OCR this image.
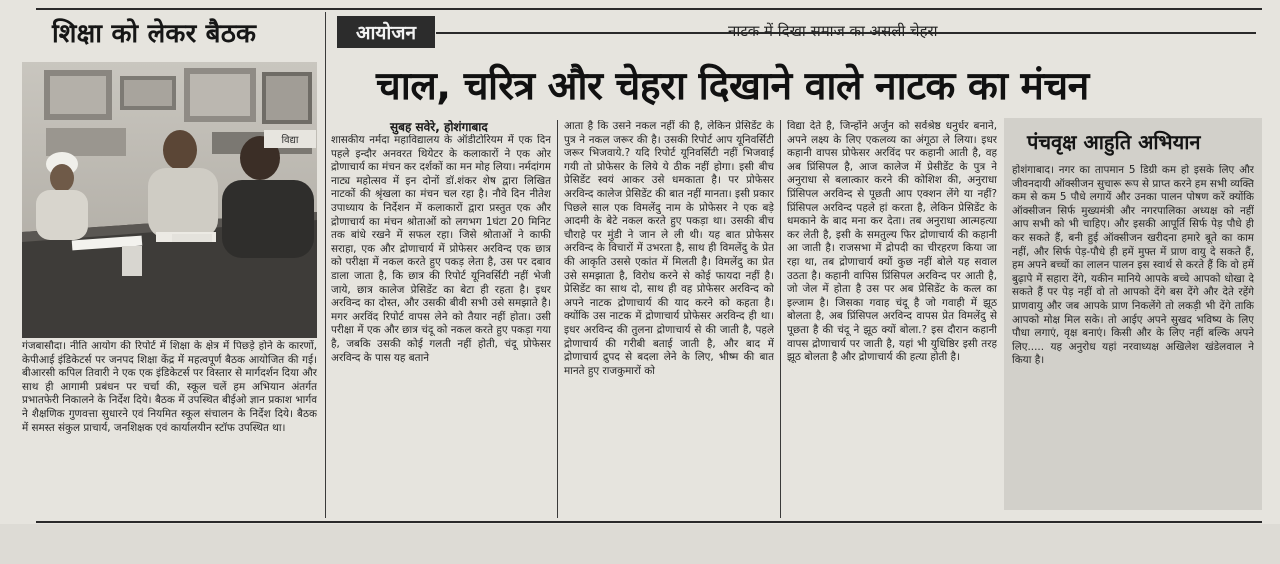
शिक्षा को लेकर बैठक
विद्या
गंजबासौदा। नीति आयोग की रिपोर्ट में शिक्षा के क्षेत्र में पिछड़े होने के कारणों, केपीआई इंडिकेटर्स पर जनपद शिक्षा केंद्र में महत्वपूर्ण बैठक आयोजित की गई। बीआरसी कपिल तिवारी ने एक एक इंडिकेटर्स पर विस्तार से मार्गदर्शन दिया और साथ ही आगामी प्रबंधन पर चर्चा की, स्कूल चलें हम अभियान अंतर्गत प्रभातफेरी निकालने के निर्देश दिये। बैठक में उपस्थित बीईओ ज्ञान प्रकाश भार्गव ने शैक्षणिक गुणवत्ता सुधारने एवं नियमित स्कूल संचालन के निर्देश दिये। बैठक में समस्त संकुल प्राचार्य, जनशिक्षक एवं कार्यालयीन स्टॉफ उपस्थित था।
आयोजन	नाटक में दिखा समाज का असली चेहरा
चाल, चरित्र और चेहरा दिखाने वाले नाटक का मंचन
सुबह सवेरे, होशंगाबाद
शासकीय नर्मदा महाविद्यालय के ऑडीटोरियम में एक दिन पहले इन्दौर अनवरत थियेटर के कलाकारों ने एक ओर द्रोणाचार्य का मंचन कर दर्शकों का मन मोह लिया। नर्मदांगम नाट्य महोत्सव में इन दोनों डॉ.शंकर शेष द्वारा लिखित नाटकों की श्रृंखला का मंचन चल रहा है। नौवे दिन नीतेश उपाध्याय के निर्देशन में कलाकारों द्वारा प्रस्तुत एक और द्रोणाचार्य का मंचन श्रोताओं को लगभग 1घंटा 20 मिनिट तक बांधे रखने में सफल रहा। जिसे श्रोताओं ने काफी सराहा, एक और द्रोणाचार्य में प्रोफेसर अरविन्द एक छात्र को परीक्षा में नकल करते हुए पकड़ लेता है, उस पर दबाव डाला जाता है, कि छात्र की रिपोर्ट यूनिवर्सिटी नहीं भेजी जाये, छात्र कालेज प्रेसिडेंट का बेटा ही रहता है। इधर अरविन्द का दोस्त, और उसकी बीवी सभी उसे समझाते है। मगर अरविंद रिपोर्ट वापस लेने को तैयार नहीं होता। उसी परीक्षा में एक और छात्र चंदू को नकल करते हुए पकड़ा गया है, जबकि उसकी कोई गलती नहीं होती, चंदू प्रोफेसर अरविन्द के पास यह बताने
आता है कि उसने नकल नहीं की है, लेकिन प्रेसिडेंट के पुत्र ने नकल जरूर की है। उसकी रिपोर्ट आप यूनिवर्सिटी जरूर भिजवाये.? यदि रिपोर्ट यूनिवर्सिटी नहीं भिजवाई गयी तो प्रोफेसर के लिये ये ठीक नहीं होगा। इसी बीच प्रेसिडेंट स्वयं आकर उसे धमकाता है। पर प्रोफेसर अरविन्द कालेज प्रेसिडेंट की बात नहीं मानता। इसी प्रकार पिछले साल एक विमलेंदु नाम के प्रोफेसर ने एक बड़े आदमी के बेटे नकल करते हुए पकड़ा था। उसकी बीच चौराहे पर मुंडी ने जान ले ली थी। यह बात प्रोफेसर अरविन्द के विचारों में उभरता है, साथ ही विमलेंदु के प्रेत की आकृति उससे एकांत में मिलती है। विमलेंदु का प्रेत उसे समझाता है, विरोध करने से कोई फायदा नहीं है। प्रेसिडेंट का साथ दो, साथ ही वह प्रोफेसर अरविन्द को अपने नाटक द्रोणाचार्य की याद करने को कहता है। क्योंकि उस नाटक में द्रोणाचार्य प्रोफेसर अरविन्द ही था। इधर अरविन्द की तुलना द्रोणाचार्य से की जाती है, पहले द्रोणाचार्य की गरीबी बताई जाती है, और बाद में द्रोणाचार्य द्रुपद से बदला लेने के लिए, भीष्म की बात मानते हुए राजकुमारों को
विद्या देते है, जिन्होंने अर्जुन को सर्वश्रेष्ठ धनुर्धर बनाने, अपने लक्ष्य के लिए एकलव्य का अंगूठा ले लिया। इधर कहानी वापस प्रोफेसर अरविंद पर कहानी आती है, वह अब प्रिंसिपल है, आज कालेज में प्रेसीडेंट के पुत्र ने अनुराधा से बलात्कार करने की कोशिश की, अनुराधा प्रिंसिपल अरविन्द से पूछती आप एक्शन लेंगे या नहीं? प्रिंसिपल अरविन्द पहले हां करता है, लेकिन प्रेसिडेंट के धमकाने के बाद मना कर देता। तब अनुराधा आत्महत्या कर लेती है, इसी के समतुल्य फिर द्रोणाचार्य की कहानी आ जाती है। राजसभा में द्रोपदी का चीरहरण किया जा रहा था, तब द्रोणाचार्य क्यों कुछ नहीं बोले यह सवाल उठता है। कहानी वापिस प्रिंसिपल अरविन्द पर आती है, जो जेल में होता है उस पर अब प्रेसिडेंट के कत्ल का इल्जाम है। जिसका गवाह चंदू है जो गवाही में झूठ बोलता है, अब प्रिंसिपल अरविन्द वापस प्रेत विमलेंदु से पूछता है की चंदू ने झूठ क्यों बोला.? इस दौरान कहानी वापस द्रोणाचार्य पर जाती है, यहां भी युधिष्ठिर इसी तरह झूठ बोलता है और द्रोणाचार्य की हत्या होती है।
पंचवृक्ष आहुति अभियान
होशंगाबाद। नगर का तापमान 5 डिग्री कम हो इसके लिए और जीवनदायी ऑक्सीजन सुचारू रूप से प्राप्त करने हम सभी व्यक्ति कम से कम 5 पौधे लगायें और उनका पालन पोषण करें क्योंकि ऑक्सीजन सिर्फ मुख्यमंत्री और नगरपालिका अध्यक्ष को नहीं आप सभी को भी चाहिए। और इसकी आपूर्ति सिर्फ पेड़ पौधे ही कर सकते हैं, बनी हुई ऑक्सीजन खरीदना हमारे बूते का काम नहीं, और सिर्फ पेड़-पौधे ही हमें मुफ्त में प्राण वायु दे सकते हैं, हम अपने बच्चों का लालन पालन इस स्वार्थ से करते हैं कि वो हमें बुढ़ापे में सहारा देंगे, यकीन मानिये आपके बच्चे आपको धोखा दे सकते हैं पर पेड़ नहीं वो तो आपको देंगे बस देंगे और देते रहेंगे प्राणवायु और जब आपके प्राण निकलेंगे तो लकड़ी भी देंगे ताकि आपको मोक्ष मिल सके। तो आईए अपने सुखद भविष्य के लिए पौधा लगाएं, वृक्ष बनाएं। किसी और के लिए नहीं बल्कि अपने लिए..... यह अनुरोध यहां नरवाध्यक्ष अखिलेश खंडेलवाल ने किया है।
